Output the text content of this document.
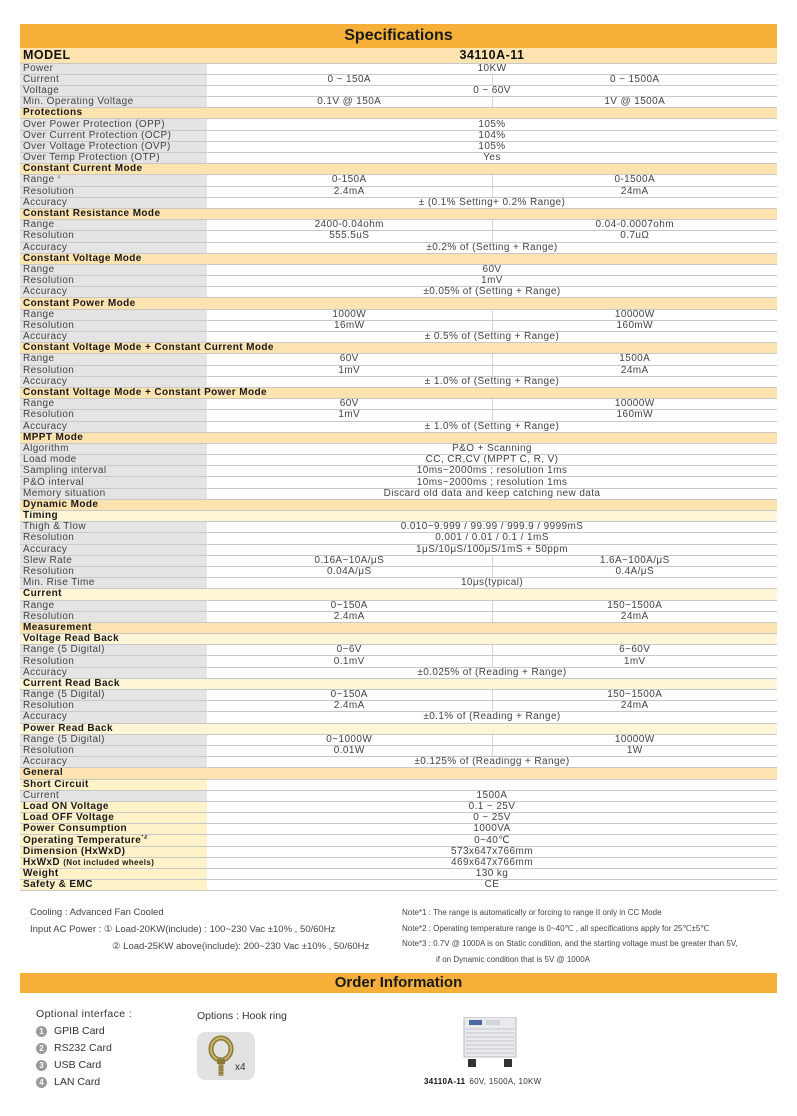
Specifications
MODEL	34110A-11	
Power	10KW	
Current	0 ~ 150A	0 ~ 1500A
Voltage	0 ~ 60V	
Min. Operating Voltage	0.1V @ 150A	1V @ 1500A
Protections		
Over Power Protection (OPP)	105%	
Over Current Protection (OCP)	104%	
Over Voltage Protection (OVP)	105%	
Over Temp Protection (OTP)	Yes	
Constant Current Mode		
Range$^{*1}$	0-150A	0-1500A
Resolution	2.4mA	24mA
Accuracy	± (0.1% Setting+ 0.2% Range)	
Constant Resistance Mode		
Range	2400-0.04ohm	0.04-0.0007ohm
Resolution	555.5uS	0.7uΩ
Accuracy	±0.2% of (Setting + Range)	
Constant Voltage Mode		
Range	60V	
Resolution	1mV	
Accuracy	±0.05% of (Setting + Range)	
Constant Power Mode		
Range	1000W	10000W
Resolution	16mW	160mW
Accuracy	± 0.5% of (Setting + Range)	
Constant Voltage Mode + Constant Current Mode		
Range	60V	1500A
Resolution	1mV	24mA
Accuracy	± 1.0% of (Setting + Range)	
Constant Voltage Mode + Constant Power Mode		
Range	60V	10000W
Resolution	1mV	160mW
Accuracy	± 1.0% of (Setting + Range)	
MPPT Mode		
Algorithm	P&O + Scanning	
Load mode	CC, CR,CV (MPPT C, R, V)	
Sampling interval	10ms~2000ms ; resolution 1ms	
P&O interval	10ms~2000ms ; resolution 1ms	
Memory situation	Discard old data and keep catching new data	
Dynamic Mode		
Timing		
Thigh & Tlow	0.010~9.999 / 99.99 / 999.9 / 9999mS	
Resolution	0.001 / 0.01 / 0.1 / 1mS	
Accuracy	1μS/10μS/100μS/1mS + 50ppm	
Slew Rate	0.16A~10A/μS	1.6A~100A/μS
Resolution	0.04A/μS	0.4A/μS
Min. Rise Time	10μs(typical)	
Current		
Range	0~150A	150~1500A
Resolution	2.4mA	24mA
Measurement		
Voltage Read Back		
Range (5 Digital)	0~6V	6~60V
Resolution	0.1mV	1mV
Accuracy	±0.025% of (Reading + Range)	
Current Read Back		
Range (5 Digital)	0~150A	150~1500A
Resolution	2.4mA	24mA
Accuracy	±0.1% of (Reading + Range)	
Power Read Back		
Range (5 Digital)	0~1000W	10000W
Resolution	0.01W	1W
Accuracy	±0.125% of (Readingg + Range)	
General		
Short Circuit		
Current	1500A	
Load ON Voltage	0.1 ~ 25V	
Load OFF Voltage	0 ~ 25V	
Power Consumption	1000VA	
Operating Temperature$^{*2}$	0~40℃	
Dimension (HxWxD)	573x647x766mm	
HxWxD (Not included wheels)	469x647x766mm	
Weight	130 kg	
Safety & EMC	CE	
Cooling : Advanced Fan Cooled
Input AC Power : ① Load-20KW(include) : 100~230 Vac ±10% , 50/60Hz
② Load-25KW above(include): 200~230 Vac ±10% , 50/60Hz
Note*1 : The range is automatically or forcing to range II only in CC Mode
Note*2 : Operating temperature range is 0~40℃ , all specifications apply for 25℃±5℃
Note*3 : 0.7V @ 1000A is on Static condition, and the starting voltage must be greater than 5V,
if on Dynamic condition that is 5V @ 1000A
Order Information
Optional interface :
1 GPIB Card
2 RS232 Card
3 USB Card
4 LAN Card
Options : Hook ring
x4
34110A-11 60V, 1500A, 10KW
